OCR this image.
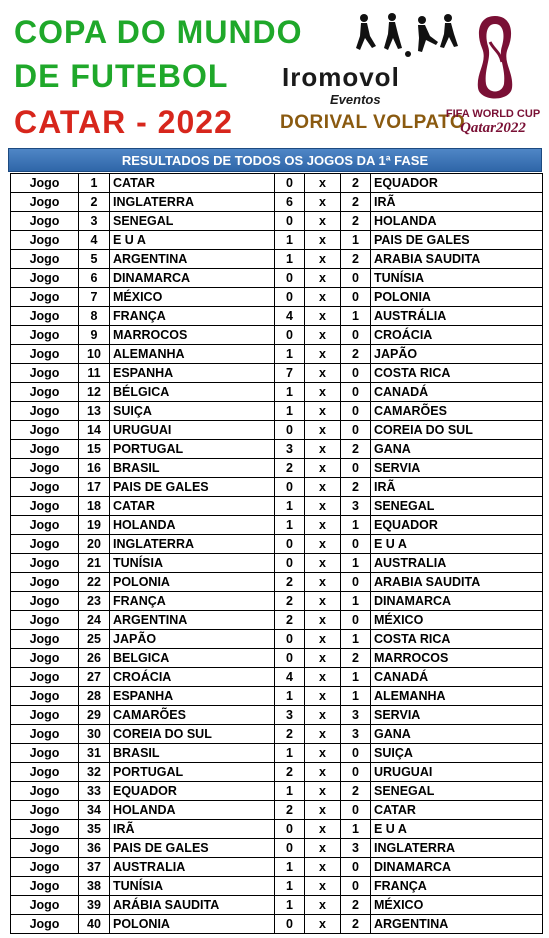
COPA DO MUNDO
DE FUTEBOL
CATAR - 2022
Iromovol
Eventos
DORIVAL VOLPATO
FIFA WORLD CUP
Qatar2022
RESULTADOS DE TODOS OS JOGOS DA 1ª FASE
Jogo	1	CATAR	0	x	2	EQUADOR
Jogo	2	INGLATERRA	6	x	2	IRÃ
Jogo	3	SENEGAL	0	x	2	HOLANDA
Jogo	4	E U A	1	x	1	PAIS DE GALES
Jogo	5	ARGENTINA	1	x	2	ARABIA SAUDITA
Jogo	6	DINAMARCA	0	x	0	TUNÍSIA
Jogo	7	MÉXICO	0	x	0	POLONIA
Jogo	8	FRANÇA	4	x	1	AUSTRÁLIA
Jogo	9	MARROCOS	0	x	0	CROÁCIA
Jogo	10	ALEMANHA	1	x	2	JAPÃO
Jogo	11	ESPANHA	7	x	0	COSTA RICA
Jogo	12	BÉLGICA	1	x	0	CANADÁ
Jogo	13	SUIÇA	1	x	0	CAMARÕES
Jogo	14	URUGUAI	0	x	0	COREIA DO SUL
Jogo	15	PORTUGAL	3	x	2	GANA
Jogo	16	BRASIL	2	x	0	SERVIA
Jogo	17	PAIS DE GALES	0	x	2	IRÃ
Jogo	18	CATAR	1	x	3	SENEGAL
Jogo	19	HOLANDA	1	x	1	EQUADOR
Jogo	20	INGLATERRA	0	x	0	E U A
Jogo	21	TUNÍSIA	0	x	1	AUSTRALIA
Jogo	22	POLONIA	2	x	0	ARABIA SAUDITA
Jogo	23	FRANÇA	2	x	1	DINAMARCA
Jogo	24	ARGENTINA	2	x	0	MÉXICO
Jogo	25	JAPÃO	0	x	1	COSTA RICA
Jogo	26	BELGICA	0	x	2	MARROCOS
Jogo	27	CROÁCIA	4	x	1	CANADÁ
Jogo	28	ESPANHA	1	x	1	ALEMANHA
Jogo	29	CAMARÕES	3	x	3	SERVIA
Jogo	30	COREIA DO SUL	2	x	3	GANA
Jogo	31	BRASIL	1	x	0	SUIÇA
Jogo	32	PORTUGAL	2	x	0	URUGUAI
Jogo	33	EQUADOR	1	x	2	SENEGAL
Jogo	34	HOLANDA	2	x	0	CATAR
Jogo	35	IRÃ	0	x	1	E U A
Jogo	36	PAIS DE GALES	0	x	3	INGLATERRA
Jogo	37	AUSTRALIA	1	x	0	DINAMARCA
Jogo	38	TUNÍSIA	1	x	0	FRANÇA
Jogo	39	ARÁBIA SAUDITA	1	x	2	MÉXICO
Jogo	40	POLONIA	0	x	2	ARGENTINA
